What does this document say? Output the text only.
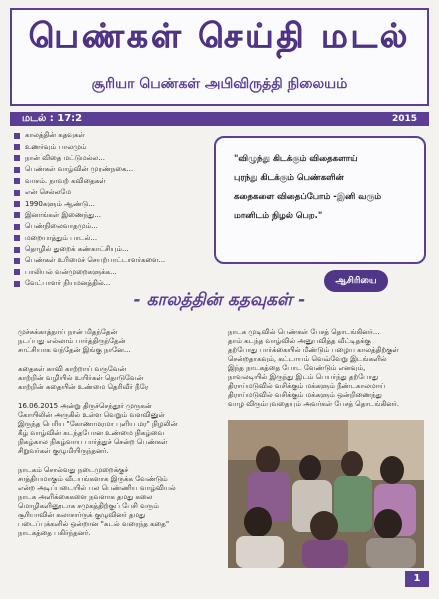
பெண்கள் செய்தி மடல்
சூரியா பெண்கள் அபிவிருத்தி நிலையம்
மடல் : 17:2	2015
காலத்தின் கதவுகள்
உணர்வும் பாலமும்
நான் விதை மட்டுமல்ல...
பெண்கள் வாழ்வின் முரண்நகை...
வாசம். நாவற் கவிதைகள்
என் செல்லமே
1990களும் ஆண்டு...
இனாங்கள் இணைந்து...
பெண்நிலைவாதமும்...
மறையாத்தும் பாடல்...
தொழில் துறைக் கண்காட்சியும்...
பெண்கள் உரிமைச் செயற்பாட்டாளர்களை...
பாலியல் வன்முறைகளுக்க...
வேட்பாளர் நியமனத்தில்...
"விழுந்து கிடக்கும் விதைகளாய்
புரந்து கிடக்கும் பெண்களின்
கதைகளை விதைப்போம் -இனி வரும்
மானிடம் நிழல் பெற."
ஆசிரியை
- காலத்தின் கதவுகள் -

முச்சுக்காத்தாய் நான் மிதந்தேன்
நடப்பது எல்லாம் பார்த்திருந்தேன்
சாட்சியாக வந்தேன் இங்கு நானே...

கதைகள் காவி காற்றாய் வருவேன்
காற்றின் வழியில் உயிர்கள் தொடுவேன்
காற்றின் கதையின் உண்மை தெரிவீர் நீரே

16.06.2015 அன்று திருச்செந்தூர் முருகன்
கோயிலின் அருகில் உள்ள வெறும் வளவினுள்
இருந்த பெரிய "கோணாமரமா புளிய மர" நிழலின்
கீழ் வாழ்வின் கடந்தபோன உண்மை நிகழ்வை
நிகழ்கால நிகழ்வாய பார்த்துச் சென்ற பெண்கள்
சிறுவர்கள் குழுமியிருந்தனர்.

நாடகம் சொல்வது நடைமுறைக்குச்
சாத்தியமாகும் வீடயங்களாக இருக்க வேண்டும்
என்ற அடிப்படையில் பல பெண்ணிய வாழ்வியல்
நாடக அளிக்கைகளை நவளாக தமது கலை
மொழிகளினூடாக சமுகத்திற்குப் பேசி வரும்
சூரியாவின் கலாசார்ருக் குழுவினர் தமது
படைப்புக்களில் ஒன்றான "கடல் வரைந்த கதை"
நாடகத்தை பகிர்ந்தனர்.

நாடக முடிவில் பெண்கள் பேசத் தொடங்கினர்...
தாம் கடந்த வாழ்வில் அனுபவித்த வீட்டிதக்கு
தற்போது பார்க்கையில் மீண்டும் பழைய காலத்திற்குள்
சென்றதாகவும், கட்டாயம் வெவ்வேறு இடங்களில்
இந்த நாடகத்தை போட வேண்டும் எனவும்,
நாவலடியில் இருந்து இடம் பெயர்ந்து தற்போது
திராய்மடுவில் வசிக்கும் மக்களும் நீண்டகாலமாய்
திராய்மடுவில் வசிக்கும் மக்களும் ஒன்றிணைந்து
வாழ விரும்புவதையும் அவர்கள் பேசத் தொடங்கினர்.

1
